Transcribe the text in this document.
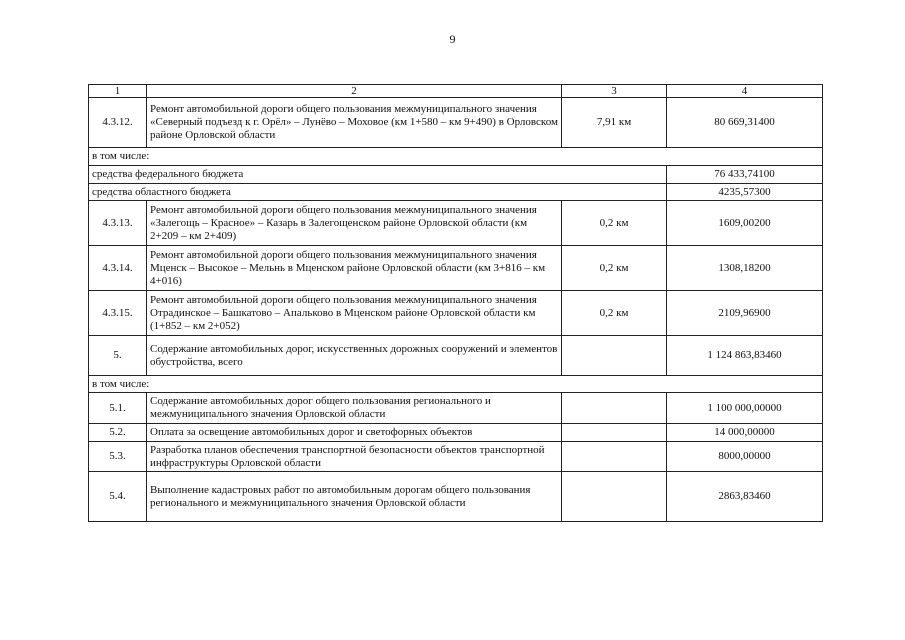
9
1	2	3	4
4.3.12.	Ремонт автомобильной дороги общего пользования межмуниципального значения «Северный подъезд к г. Орёл» – Лунёво – Моховое (км 1+580 – км 9+490) в Орловском районе Орловской области	7,91 км	80 669,31400
в том числе:			
средства федерального бюджета			76 433,74100
средства областного бюджета			4235,57300
4.3.13.	Ремонт автомобильной дороги общего пользования межмуниципального значения «Залегощь – Красное» – Казарь в Залегощенском районе Орловской области (км 2+209 – км 2+409)	0,2 км	1609,00200
4.3.14.	Ремонт автомобильной дороги общего пользования межмуниципального значения Мценск – Высокое – Мельнь в Мценском районе Орловской области (км 3+816 – км 4+016)	0,2 км	1308,18200
4.3.15.	Ремонт автомобильной дороги общего пользования межмуниципального значения Отрадинское – Башкатово – Апальково в Мценском районе Орловской области км (1+852 – км 2+052)	0,2 км	2109,96900
5.	Содержание автомобильных дорог, искусственных дорожных сооружений и элементов обустройства, всего		1 124 863,83460
в том числе:			
5.1.	Содержание автомобильных дорог общего пользования регионального и межмуниципального значения Орловской области		1 100 000,00000
5.2.	Оплата за освещение автомобильных дорог и светофорных объектов		14 000,00000
5.3.	Разработка планов обеспечения транспортной безопасности объектов транспортной инфраструктуры Орловской области		8000,00000
5.4.	Выполнение кадастровых работ по автомобильным дорогам общего пользования регионального и межмуниципального значения Орловской области		2863,83460
